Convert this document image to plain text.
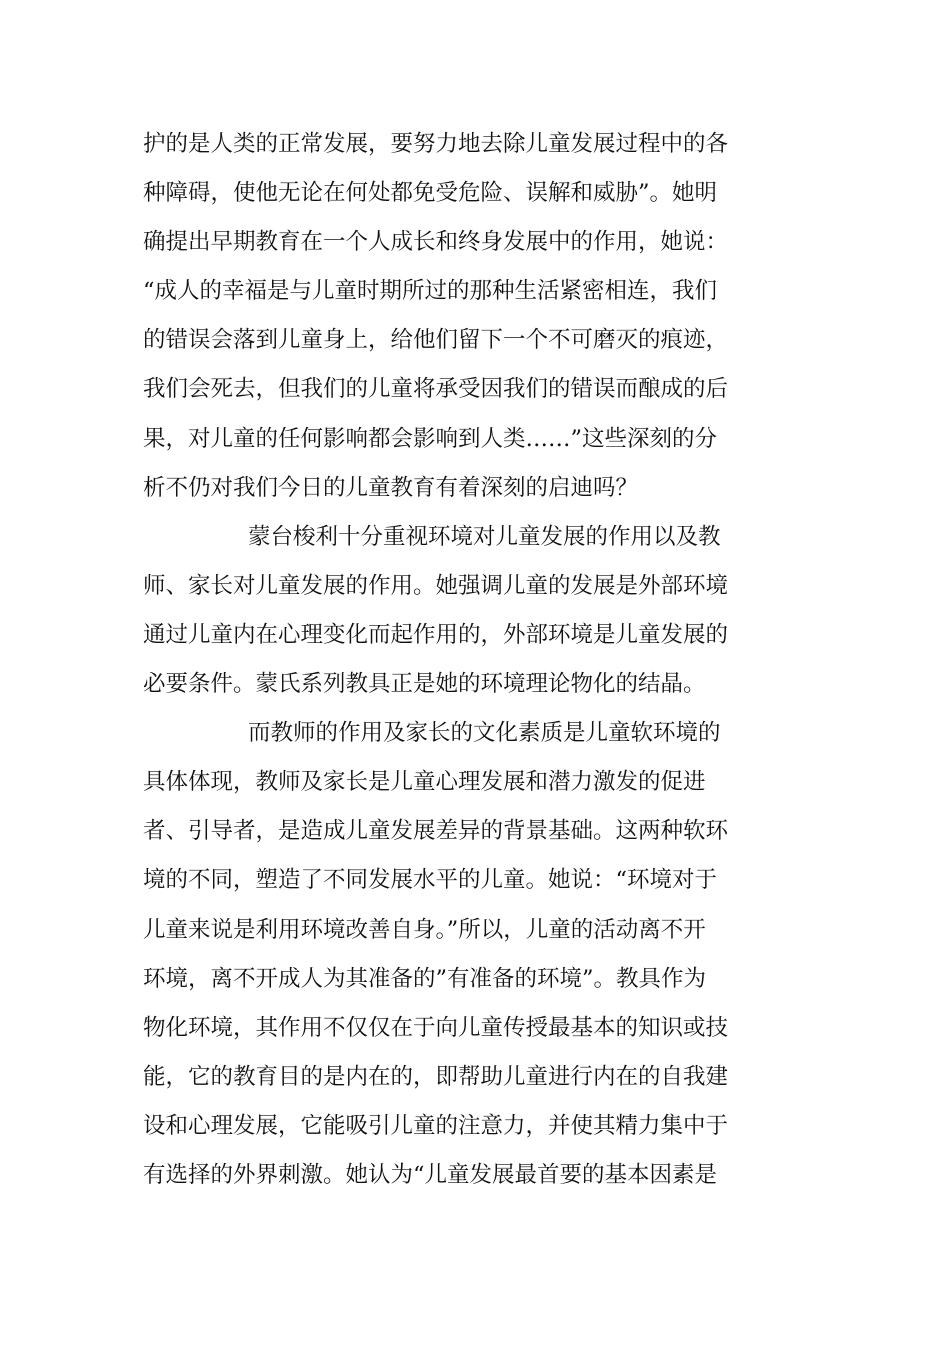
护的是人类的正常发展，要努力地去除儿童发展过程中的各
种障碍，使他无论在何处都免受危险、误解和威胁”。她明
确提出早期教育在一个人成长和终身发展中的作用，她说：
“成人的幸福是与儿童时期所过的那种生活紧密相连，我们
的错误会落到儿童身上，给他们留下一个不可磨灭的痕迹，
我们会死去，但我们的儿童将承受因我们的错误而酿成的后
果，对儿童的任何影响都会影响到人类……”这些深刻的分
析不仍对我们今日的儿童教育有着深刻的启迪吗？
蒙台梭利十分重视环境对儿童发展的作用以及教
师、家长对儿童发展的作用。她强调儿童的发展是外部环境
通过儿童内在心理变化而起作用的，外部环境是儿童发展的
必要条件。蒙氏系列教具正是她的环境理论物化的结晶。
而教师的作用及家长的文化素质是儿童软环境的
具体体现，教师及家长是儿童心理发展和潜力激发的促进
者、引导者，是造成儿童发展差异的背景基础。这两种软环
境的不同，塑造了不同发展水平的儿童。她说：“环境对于
儿童来说是利用环境改善自身。”所以，儿童的活动离不开
环境，离不开成人为其准备的”有准备的环境”。教具作为
物化环境，其作用不仅仅在于向儿童传授最基本的知识或技
能，它的教育目的是内在的，即帮助儿童进行内在的自我建
设和心理发展，它能吸引儿童的注意力，并使其精力集中于
有选择的外界刺激。她认为“儿童发展最首要的基本因素是
